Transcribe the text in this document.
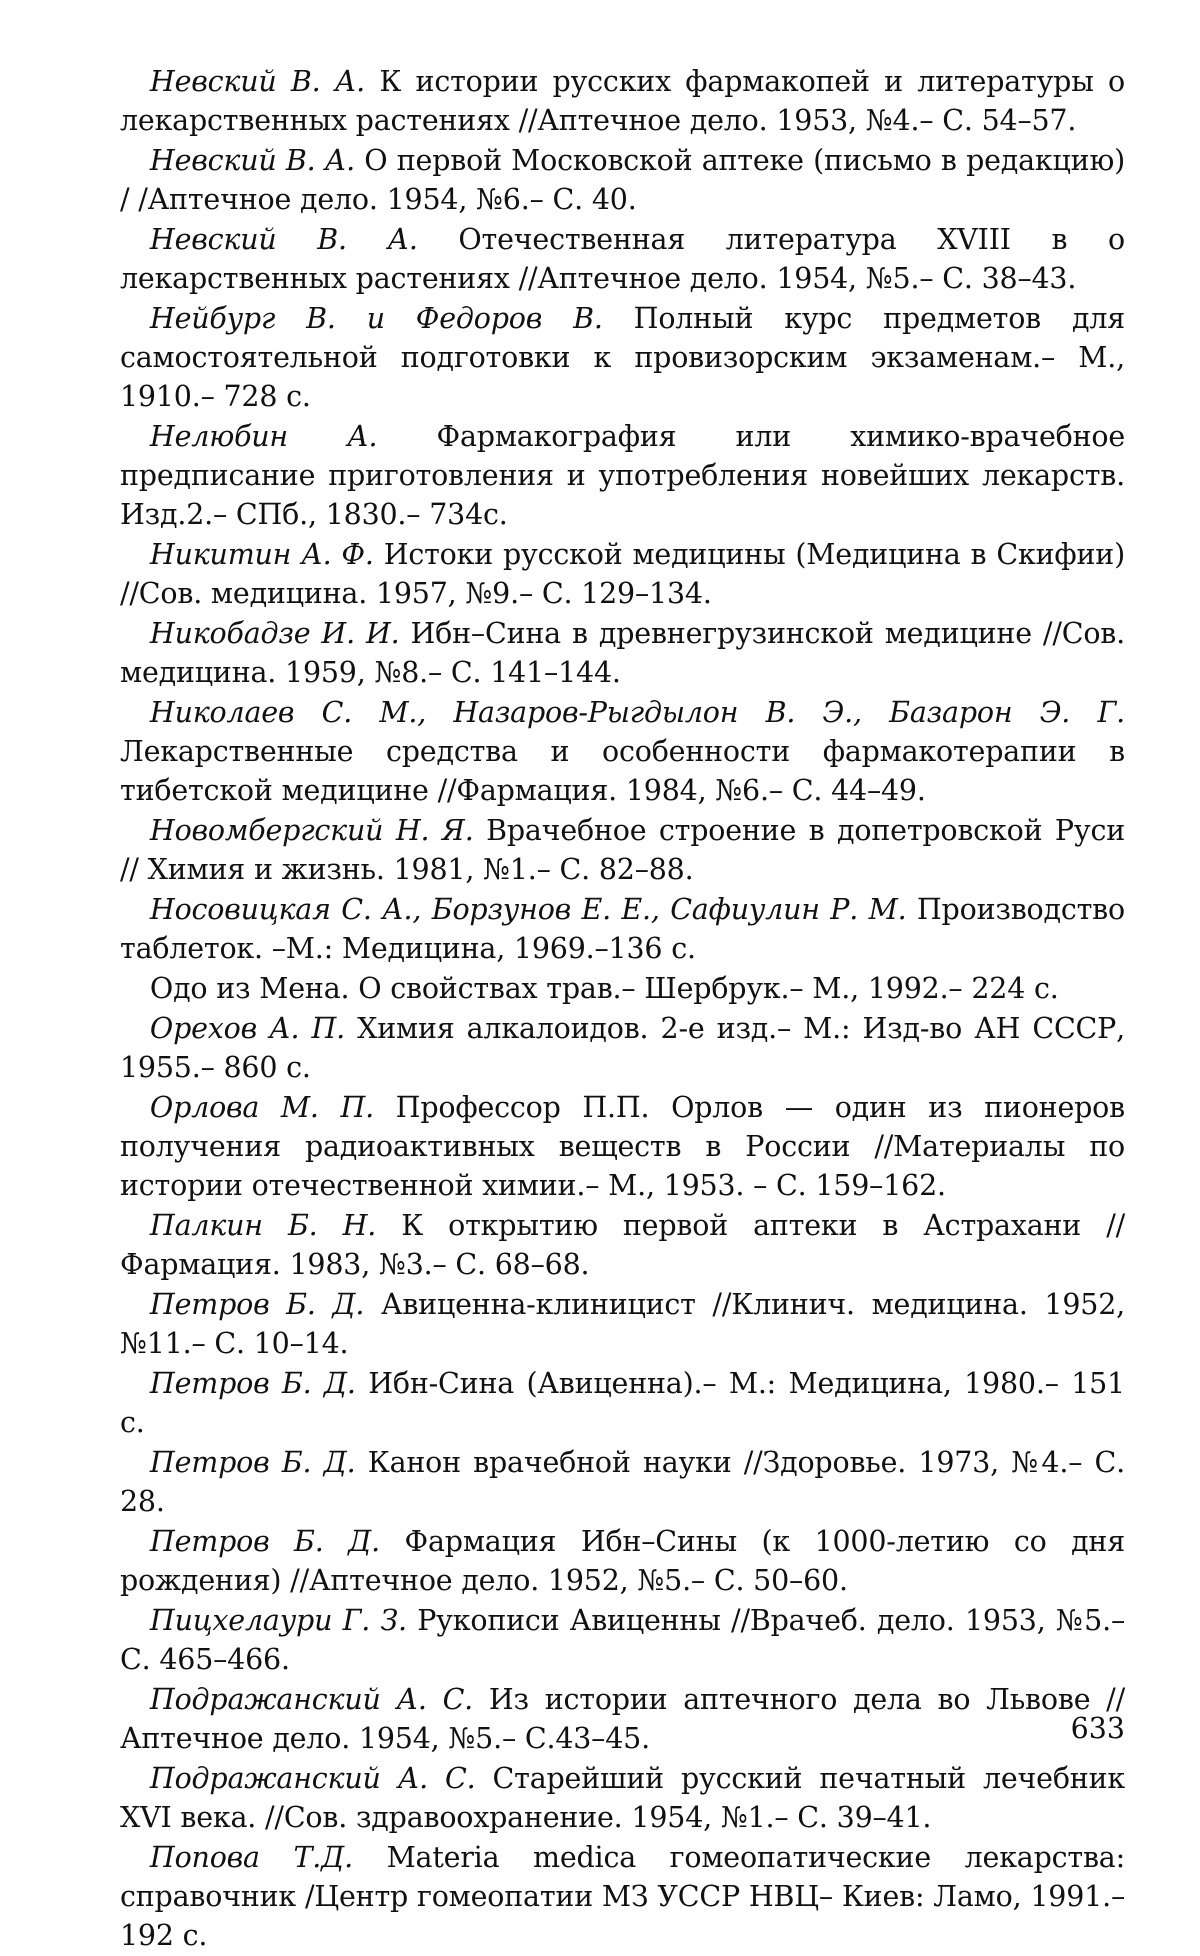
Невский В. А. К истории русских фармакопей и литературы о лекарственных растениях //Аптечное дело. 1953, №4.– С. 54–57.

Невский В. А. О первой Московской аптеке (письмо в редакцию) / /Аптечное дело. 1954, №6.– С. 40.

Невский В. А. Отечественная литература XVIII в о лекарственных растениях //Аптечное дело. 1954, №5.– С. 38–43.

Нейбург В. и Федоров В. Полный курс предметов для самостоятельной подготовки к провизорским экзаменам.– М., 1910.– 728 с.

Нелюбин А. Фармакография или химико-врачебное предписание приготовления и употребления новейших лекарств. Изд.2.– СПб., 1830.– 734с.

Никитин А. Ф. Истоки русской медицины (Медицина в Скифии) //Сов. медицина. 1957, №9.– С. 129–134.

Никобадзе И. И. Ибн–Сина в древнегрузинской медицине //Сов. медицина. 1959, №8.– С. 141–144.

Николаев С. М., Назаров-Рыгдылон В. Э., Базарон Э. Г. Лекарственные средства и особенности фармакотерапии в тибетской медицине //Фармация. 1984, №6.– С. 44–49.

Новомбергский Н. Я. Врачебное строение в допетровской Руси // Химия и жизнь. 1981, №1.– С. 82–88.

Носовицкая С. А., Борзунов Е. Е., Сафиулин Р. М. Производство таблеток. –М.: Медицина, 1969.–136 с.

Одо из Мена. О свойствах трав.– Шербрук.– М., 1992.– 224 с.

Орехов А. П. Химия алкалоидов. 2-е изд.– М.: Изд-во АН СССР, 1955.– 860 с.

Орлова М. П. Профессор П.П. Орлов — один из пионеров получения радиоактивных веществ в России //Материалы по истории отечественной химии.– М., 1953. – С. 159–162.

Палкин Б. Н. К открытию первой аптеки в Астрахани //Фармация. 1983, №3.– С. 68–68.

Петров Б. Д. Авиценна-клиницист //Клинич. медицина. 1952, №11.– С. 10–14.

Петров Б. Д. Ибн-Сина (Авиценна).– М.: Медицина, 1980.– 151 с.

Петров Б. Д. Канон врачебной науки //Здоровье. 1973, №4.– С. 28.

Петров Б. Д. Фармация Ибн–Сины (к 1000-летию со дня рождения) //Аптечное дело. 1952, №5.– С. 50–60.

Пицхелаури Г. З. Рукописи Авиценны //Врачеб. дело. 1953, №5.– С. 465–466.

Подражанский А. С. Из истории аптечного дела во Львове //Аптечное дело. 1954, №5.– С.43–45.

Подражанский А. С. Старейший русский печатный лечебник XVI века. //Сов. здравоохранение. 1954, №1.– С. 39–41.

Попова Т.Д. Materia medica гомеопатические лекарства: справочник /Центр гомеопатии МЗ УССР НВЦ– Киев: Ламо, 1991.– 192 с.

633
